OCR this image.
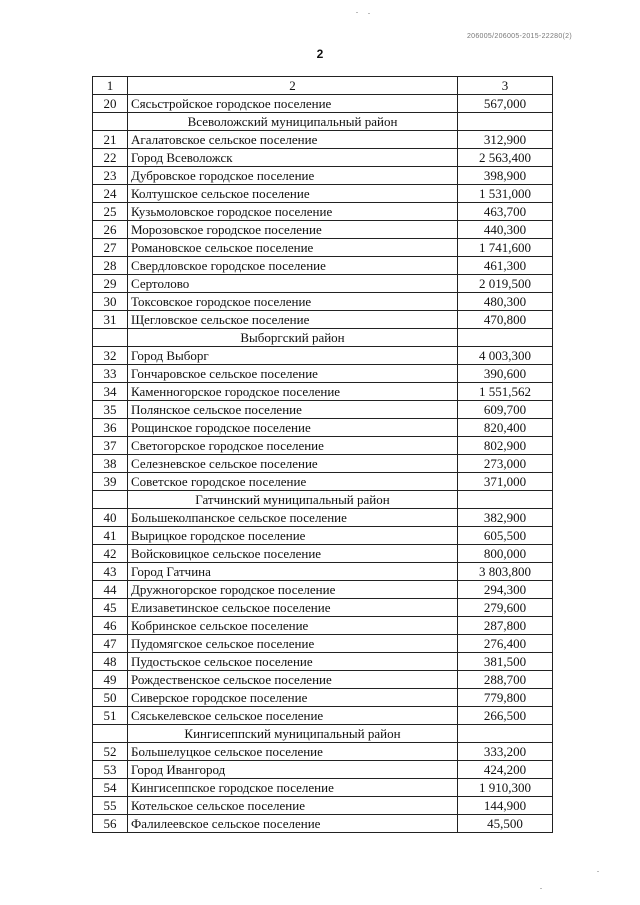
206005/206005-2015-22280(2)
2
1	2	3
20	Сясьстройское городское поселение	567,000
	Всеволожский муниципальный район	
21	Агалатовское сельское поселение	312,900
22	Город Всеволожск	2 563,400
23	Дубровское городское поселение	398,900
24	Колтушское сельское поселение	1 531,000
25	Кузьмоловское городское поселение	463,700
26	Морозовское городское поселение	440,300
27	Романовское сельское поселение	1 741,600
28	Свердловское городское поселение	461,300
29	Сертолово	2 019,500
30	Токсовское городское поселение	480,300
31	Щегловское сельское поселение	470,800
	Выборгский район	
32	Город Выборг	4 003,300
33	Гончаровское сельское поселение	390,600
34	Каменногорское городское поселение	1 551,562
35	Полянское сельское поселение	609,700
36	Рощинское городское поселение	820,400
37	Светогорское городское поселение	802,900
38	Селезневское сельское поселение	273,000
39	Советское городское поселение	371,000
	Гатчинский муниципальный район	
40	Большеколпанское сельское поселение	382,900
41	Вырицкое городское поселение	605,500
42	Войсковицкое сельское поселение	800,000
43	Город Гатчина	3 803,800
44	Дружногорское городское поселение	294,300
45	Елизаветинское сельское поселение	279,600
46	Кобринское сельское поселение	287,800
47	Пудомягское сельское поселение	276,400
48	Пудостьское сельское поселение	381,500
49	Рождественское сельское поселение	288,700
50	Сиверское городское поселение	779,800
51	Сяськелевское сельское поселение	266,500
	Кингисеппский муниципальный район	
52	Большелуцкое сельское поселение	333,200
53	Город Ивангород	424,200
54	Кингисеппское городское поселение	1 910,300
55	Котельское сельское поселение	144,900
56	Фалилеевское сельское поселение	45,500
